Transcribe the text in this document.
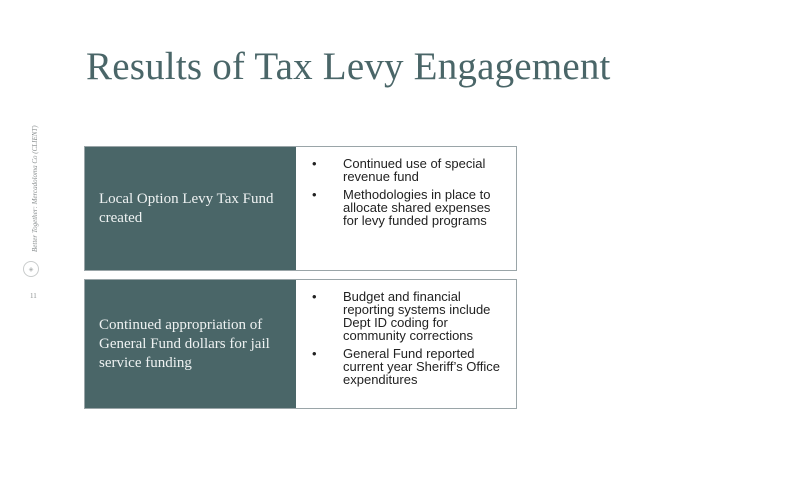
Results of Tax Levy Engagement
Better Together: Mercadoloma Co (CLIENT)
◈
11
Local Option Levy Tax Fund created
•	Continued use of special revenue fund
•	Methodologies in place to allocate shared expenses for levy funded programs
Continued appropriation of General Fund dollars for jail service funding
•	Budget and financial reporting systems include Dept ID coding for community corrections
•	General Fund reported current year Sheriff’s Office expenditures
